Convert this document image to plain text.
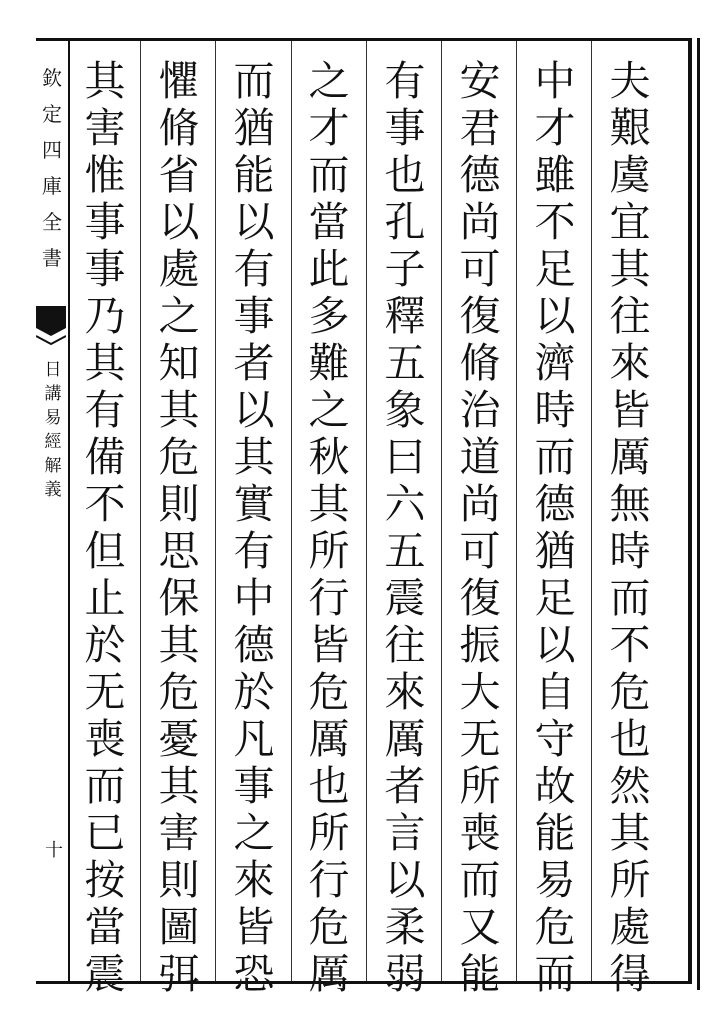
欽
定
四
庫
全
書
日
講
易
經
解
義
十
夫
艱
虞
宜
其
往
來
皆
厲
無
時
而
不
危
也
然
其
所
處
得
中
才
雖
不
足
以
濟
時
而
德
猶
足
以
自
守
故
能
易
危
而
安
君
德
尚
可
復
脩
治
道
尚
可
復
振
大
无
所
喪
而
又
能
有
事
也
孔
子
釋
五
象
曰
六
五
震
往
來
厲
者
言
以
柔
弱
之
才
而
當
此
多
難
之
秋
其
所
行
皆
危
厲
也
所
行
危
厲
而
猶
能
以
有
事
者
以
其
實
有
中
德
於
凡
事
之
來
皆
恐
懼
脩
省
以
處
之
知
其
危
則
思
保
其
危
憂
其
害
則
圖
弭
其
害
惟
事
事
乃
其
有
備
不
但
止
於
无
喪
而
已
按
當
震
